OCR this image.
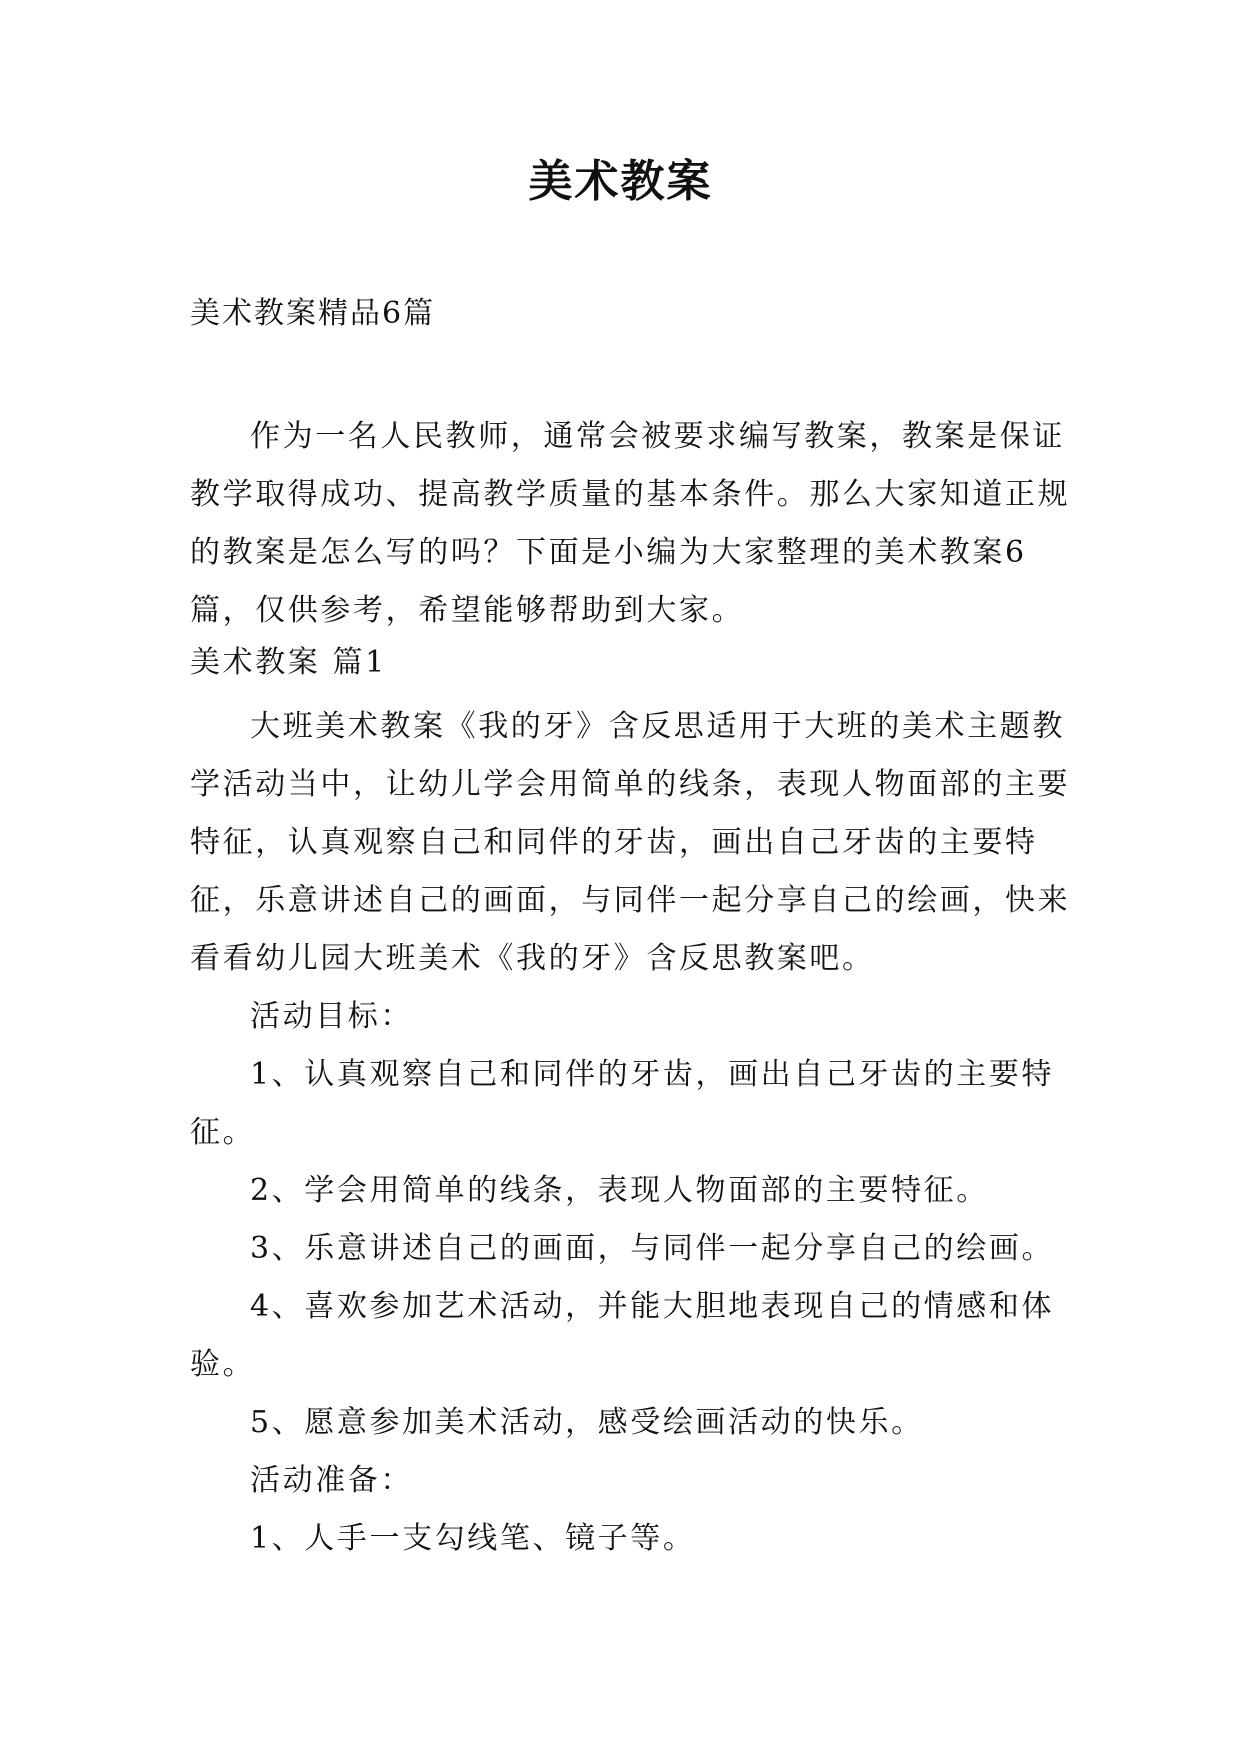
美术教案
美术教案精品6篇

作为一名人民教师，通常会被要求编写教案，教案是保证教学取得成功、提高教学质量的基本条件。那么大家知道正规的教案是怎么写的吗？下面是小编为大家整理的美术教案6篇，仅供参考，希望能够帮助到大家。

美术教案 篇1

大班美术教案《我的牙》含反思适用于大班的美术主题教学活动当中，让幼儿学会用简单的线条，表现人物面部的主要特征，认真观察自己和同伴的牙齿，画出自己牙齿的主要特征，乐意讲述自己的画面，与同伴一起分享自己的绘画，快来看看幼儿园大班美术《我的牙》含反思教案吧。

活动目标：

1、认真观察自己和同伴的牙齿，画出自己牙齿的主要特征。

2、学会用简单的线条，表现人物面部的主要特征。

3、乐意讲述自己的画面，与同伴一起分享自己的绘画。

4、喜欢参加艺术活动，并能大胆地表现自己的情感和体验。

5、愿意参加美术活动，感受绘画活动的快乐。

活动准备：

1、人手一支勾线笔、镜子等。
